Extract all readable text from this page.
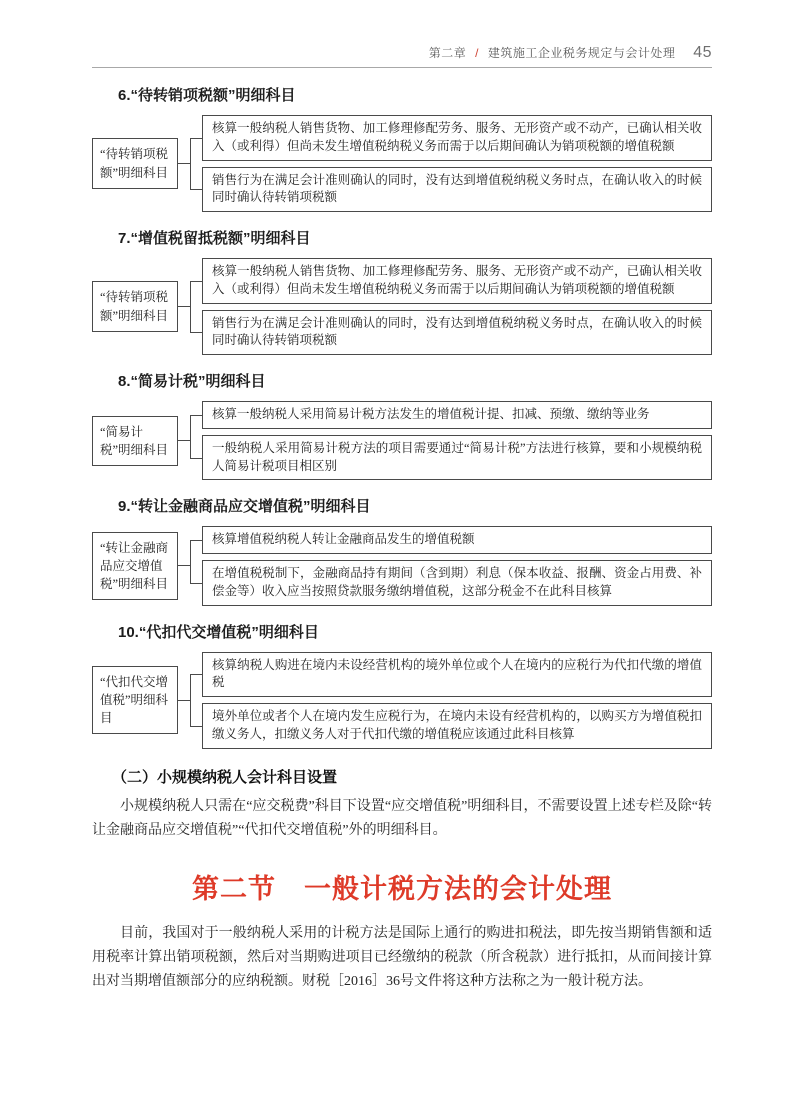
第二章 / 建筑施工企业税务规定与会计处理 45
6.“待转销项税额”明细科目
“待转销项税额”明细科目
核算一般纳税人销售货物、加工修理修配劳务、服务、无形资产或不动产，已确认相关收入（或利得）但尚未发生增值税纳税义务而需于以后期间确认为销项税额的增值税额
销售行为在满足会计准则确认的同时，没有达到增值税纳税义务时点，在确认收入的时候同时确认待转销项税额
7.“增值税留抵税额”明细科目
“待转销项税额”明细科目
核算一般纳税人销售货物、加工修理修配劳务、服务、无形资产或不动产，已确认相关收入（或利得）但尚未发生增值税纳税义务而需于以后期间确认为销项税额的增值税额
销售行为在满足会计准则确认的同时，没有达到增值税纳税义务时点，在确认收入的时候同时确认待转销项税额
8.“简易计税”明细科目
“简易计税”明细科目
核算一般纳税人采用简易计税方法发生的增值税计提、扣减、预缴、缴纳等业务
一般纳税人采用简易计税方法的项目需要通过“简易计税”方法进行核算，要和小规模纳税人简易计税项目相区别
9.“转让金融商品应交增值税”明细科目
“转让金融商品应交增值税”明细科目
核算增值税纳税人转让金融商品发生的增值税额
在增值税税制下，金融商品持有期间（含到期）利息（保本收益、报酬、资金占用费、补偿金等）收入应当按照贷款服务缴纳增值税，这部分税金不在此科目核算
10.“代扣代交增值税”明细科目
“代扣代交增值税”明细科目
核算纳税人购进在境内未设经营机构的境外单位或个人在境内的应税行为代扣代缴的增值税
境外单位或者个人在境内发生应税行为，在境内未设有经营机构的，以购买方为增值税扣缴义务人，扣缴义务人对于代扣代缴的增值税应该通过此科目核算
（二）小规模纳税人会计科目设置

小规模纳税人只需在“应交税费”科目下设置“应交增值税”明细科目，不需要设置上述专栏及除“转让金融商品应交增值税”“代扣代交增值税”外的明细科目。

第二节　一般计税方法的会计处理

目前，我国对于一般纳税人采用的计税方法是国际上通行的购进扣税法，即先按当期销售额和适用税率计算出销项税额，然后对当期购进项目已经缴纳的税款（所含税款）进行抵扣，从而间接计算出对当期增值额部分的应纳税额。财税［2016］36号文件将这种方法称之为一般计税方法。
